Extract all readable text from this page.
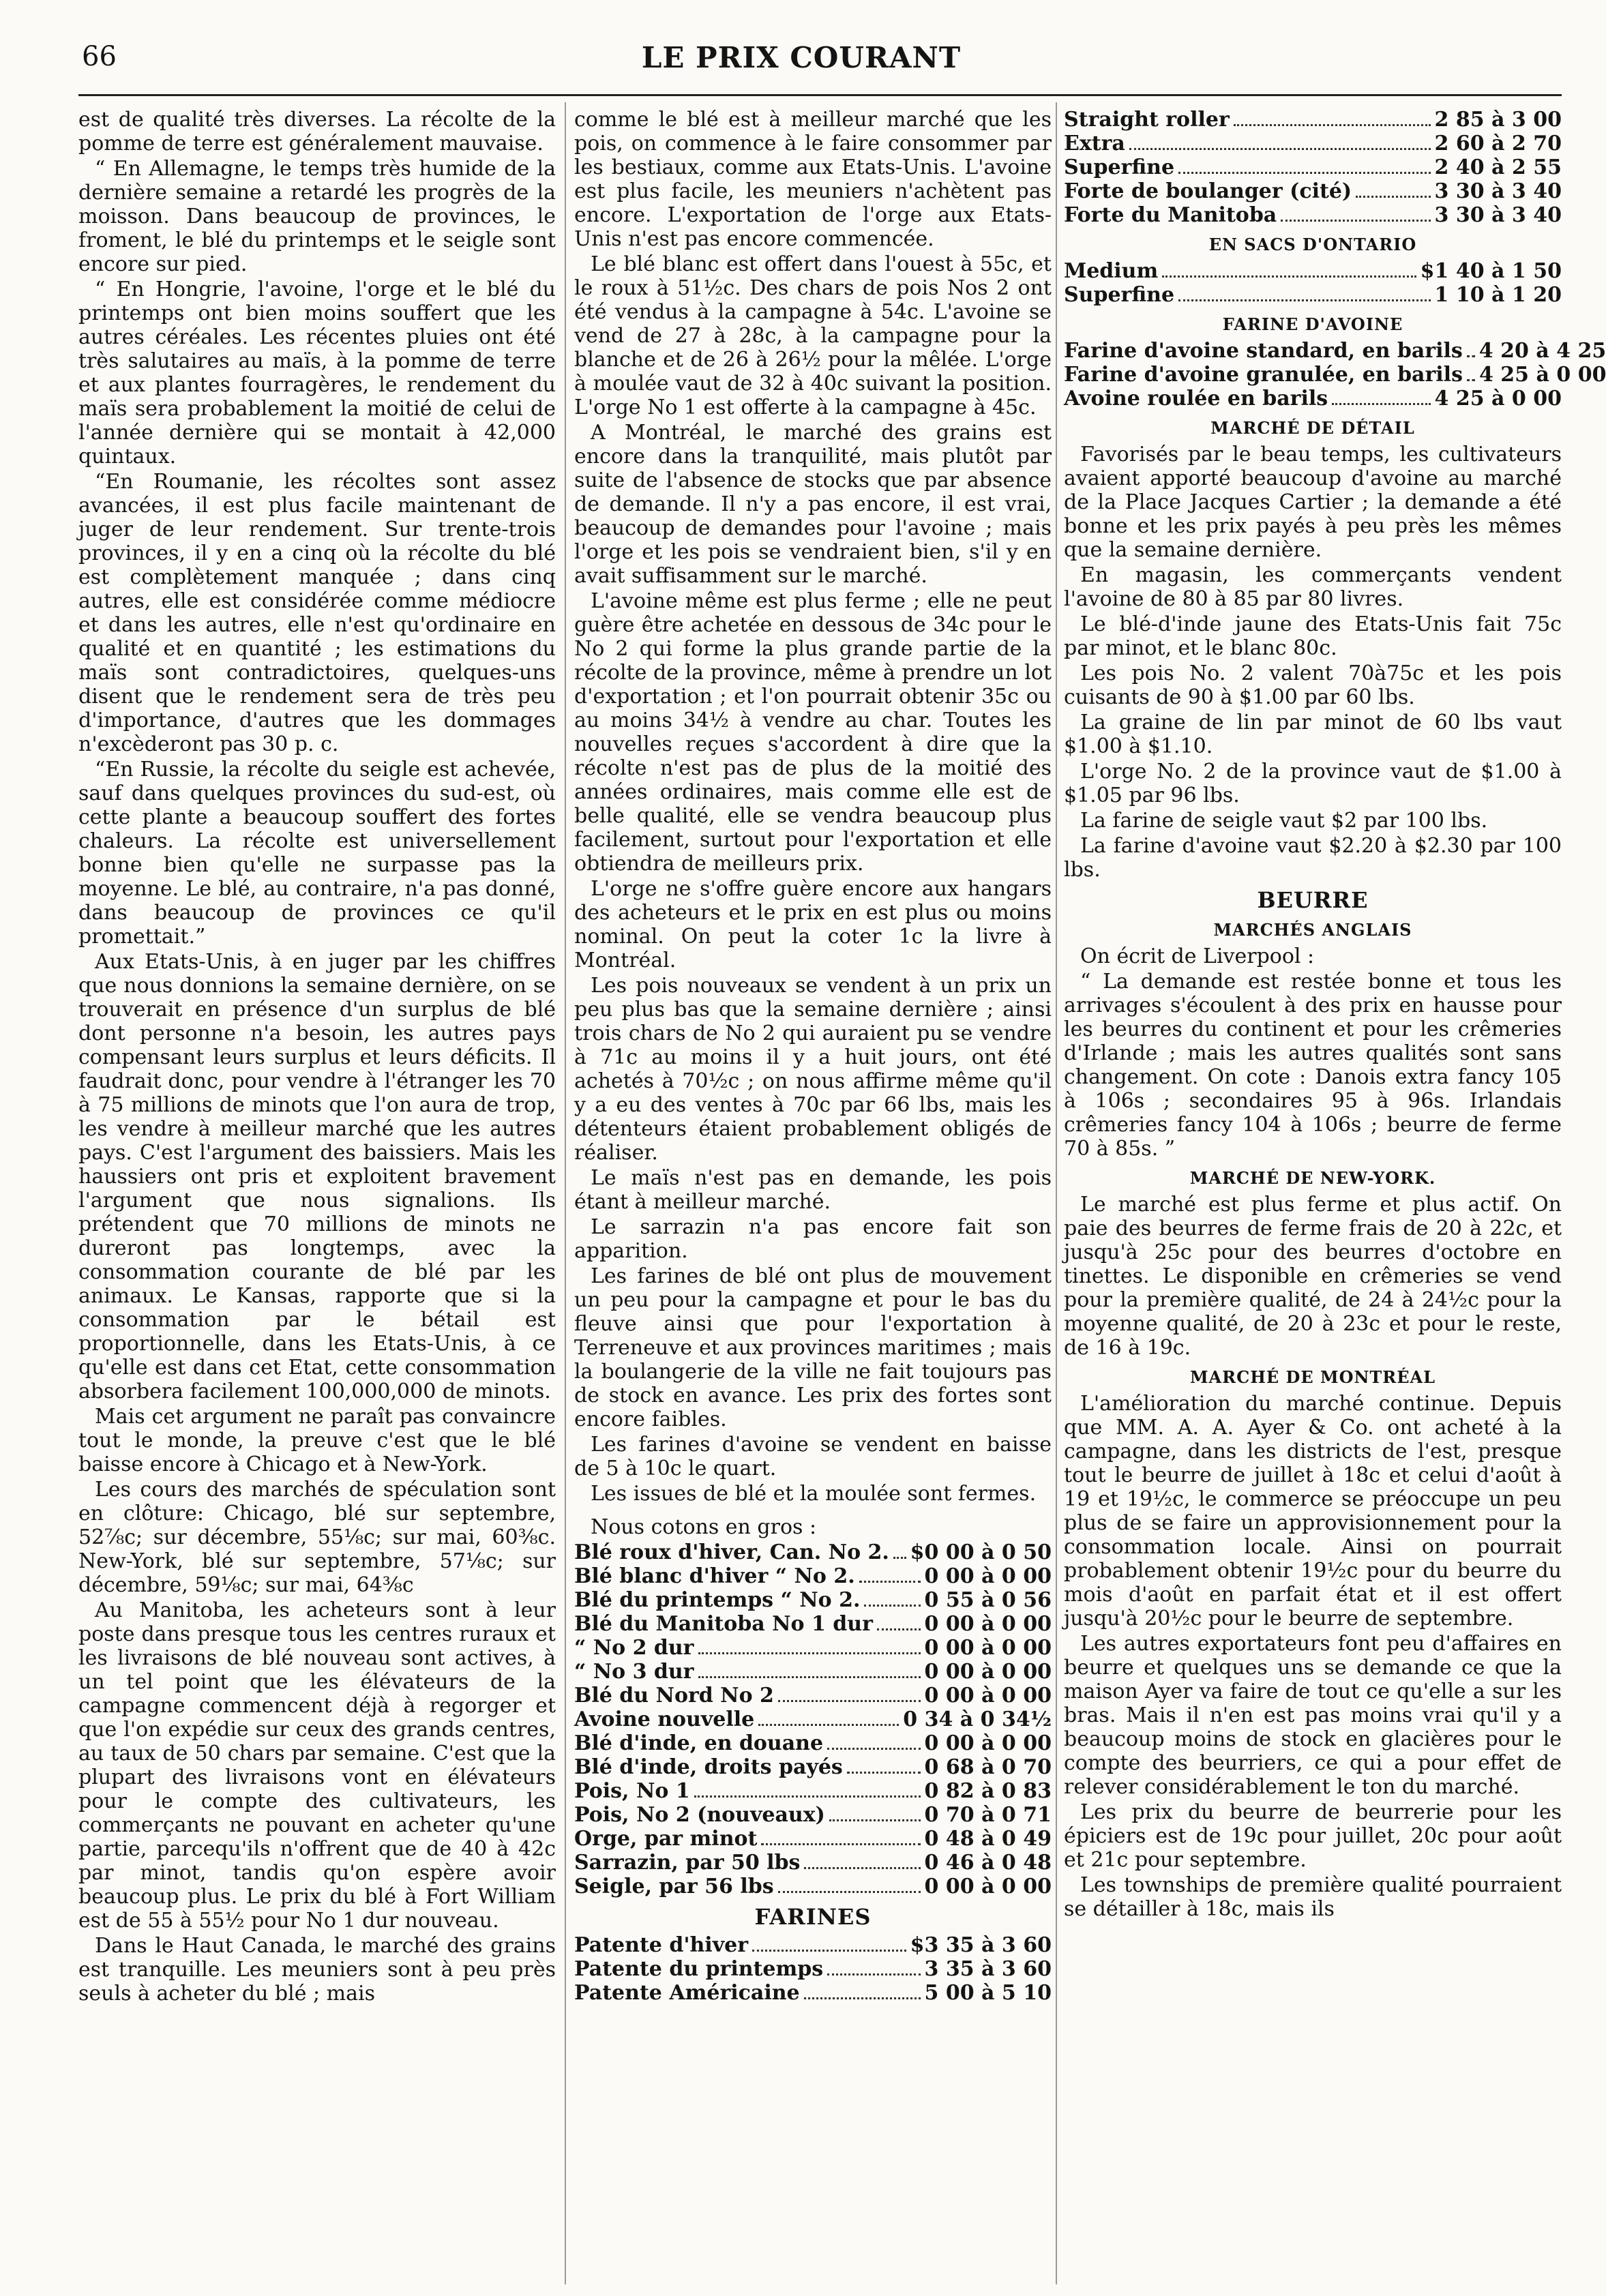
66	LE PRIX COURANT

est de qualité très diverses. La récolte de la pomme de terre est généralement mauvaise.

“ En Allemagne, le temps très humide de la dernière semaine a retardé les progrès de la moisson. Dans beaucoup de provinces, le froment, le blé du printemps et le seigle sont encore sur pied.

“ En Hongrie, l'avoine, l'orge et le blé du printemps ont bien moins souffert que les autres céréales. Les récentes pluies ont été très salutaires au maïs, à la pomme de terre et aux plantes fourragères, le rendement du maïs sera probablement la moitié de celui de l'année dernière qui se montait à 42,000 quintaux.

“En Roumanie, les récoltes sont assez avancées, il est plus facile maintenant de juger de leur rendement. Sur trente-trois provinces, il y en a cinq où la récolte du blé est complètement manquée ; dans cinq autres, elle est considérée comme médiocre et dans les autres, elle n'est qu'ordinaire en qualité et en quantité ; les estimations du maïs sont contradictoires, quelques-uns disent que le rendement sera de très peu d'importance, d'autres que les dommages n'excèderont pas 30 p. c.

“En Russie, la récolte du seigle est achevée, sauf dans quelques provinces du sud-est, où cette plante a beaucoup souffert des fortes chaleurs. La récolte est universellement bonne bien qu'elle ne surpasse pas la moyenne. Le blé, au contraire, n'a pas donné, dans beaucoup de provinces ce qu'il promettait.”

Aux Etats-Unis, à en juger par les chiffres que nous donnions la semaine dernière, on se trouverait en présence d'un surplus de blé dont personne n'a besoin, les autres pays compensant leurs surplus et leurs déficits. Il faudrait donc, pour vendre à l'étranger les 70 à 75 millions de minots que l'on aura de trop, les vendre à meilleur marché que les autres pays. C'est l'argument des baissiers. Mais les haussiers ont pris et exploitent bravement l'argument que nous signalions. Ils prétendent que 70 millions de minots ne dureront pas longtemps, avec la consommation courante de blé par les animaux. Le Kansas, rapporte que si la consommation par le bétail est proportionnelle, dans les Etats-Unis, à ce qu'elle est dans cet Etat, cette consommation absorbera facilement 100,000,000 de minots.

Mais cet argument ne paraît pas convaincre tout le monde, la preuve c'est que le blé baisse encore à Chicago et à New-York.

Les cours des marchés de spéculation sont en clôture: Chicago, blé sur septembre, 52⅞c; sur décembre, 55⅛c; sur mai, 60⅜c. New-York, blé sur septembre, 57⅛c; sur décembre, 59⅛c; sur mai, 64⅜c

Au Manitoba, les acheteurs sont à leur poste dans presque tous les centres ruraux et les livraisons de blé nouveau sont actives, à un tel point que les élévateurs de la campagne commencent déjà à regorger et que l'on expédie sur ceux des grands centres, au taux de 50 chars par semaine. C'est que la plupart des livraisons vont en élévateurs pour le compte des cultivateurs, les commerçants ne pouvant en acheter qu'une partie, parcequ'ils n'offrent que de 40 à 42c par minot, tandis qu'on espère avoir beaucoup plus. Le prix du blé à Fort William est de 55 à 55½ pour No 1 dur nouveau.

Dans le Haut Canada, le marché des grains est tranquille. Les meuniers sont à peu près seuls à acheter du blé ; mais

comme le blé est à meilleur marché que les pois, on commence à le faire consommer par les bestiaux, comme aux Etats-Unis. L'avoine est plus facile, les meuniers n'achètent pas encore. L'exportation de l'orge aux Etats-Unis n'est pas encore commencée.

Le blé blanc est offert dans l'ouest à 55c, et le roux à 51½c. Des chars de pois Nos 2 ont été vendus à la campagne à 54c. L'avoine se vend de 27 à 28c, à la campagne pour la blanche et de 26 à 26½ pour la mêlée. L'orge à moulée vaut de 32 à 40c suivant la position. L'orge No 1 est offerte à la campagne à 45c.

A Montréal, le marché des grains est encore dans la tranquilité, mais plutôt par suite de l'absence de stocks que par absence de demande. Il n'y a pas encore, il est vrai, beaucoup de demandes pour l'avoine ; mais l'orge et les pois se vendraient bien, s'il y en avait suffisamment sur le marché.

L'avoine même est plus ferme ; elle ne peut guère être achetée en dessous de 34c pour le No 2 qui forme la plus grande partie de la récolte de la province, même à prendre un lot d'exportation ; et l'on pourrait obtenir 35c ou au moins 34½ à vendre au char. Toutes les nouvelles reçues s'accordent à dire que la récolte n'est pas de plus de la moitié des années ordinaires, mais comme elle est de belle qualité, elle se vendra beaucoup plus facilement, surtout pour l'exportation et elle obtiendra de meilleurs prix.

L'orge ne s'offre guère encore aux hangars des acheteurs et le prix en est plus ou moins nominal. On peut la coter 1c la livre à Montréal.

Les pois nouveaux se vendent à un prix un peu plus bas que la semaine dernière ; ainsi trois chars de No 2 qui auraient pu se vendre à 71c au moins il y a huit jours, ont été achetés à 70½c ; on nous affirme même qu'il y a eu des ventes à 70c par 66 lbs, mais les détenteurs étaient probablement obligés de réaliser.

Le maïs n'est pas en demande, les pois étant à meilleur marché.

Le sarrazin n'a pas encore fait son apparition.

Les farines de blé ont plus de mouvement un peu pour la campagne et pour le bas du fleuve ainsi que pour l'exportation à Terreneuve et aux provinces maritimes ; mais la boulangerie de la ville ne fait toujours pas de stock en avance. Les prix des fortes sont encore faibles.

Les farines d'avoine se vendent en baisse de 5 à 10c le quart.

Les issues de blé et la moulée sont fermes.

Nous cotons en gros :

Blé roux d'hiver, Can. No 2. $0 00 à 0 50
Blé blanc d'hiver “ No 2.	0 00 à 0 00
Blé du printemps “ No 2.	0 55 à 0 56
Blé du Manitoba No 1 dur	0 00 à 0 00
“ No 2 dur	0 00 à 0 00
“ No 3 dur	0 00 à 0 00
Blé du Nord No 2	0 00 à 0 00
Avoine nouvelle	0 34 à 0 34½
Blé d'inde, en douane	0 00 à 0 00
Blé d'inde, droits payés	0 68 à 0 70
Pois, No 1	0 82 à 0 83
Pois, No 2 (nouveaux)	0 70 à 0 71
Orge, par minot	0 48 à 0 49
Sarrazin, par 50 lbs	0 46 à 0 48
Seigle, par 56 lbs	0 00 à 0 00
FARINES
Patente d'hiver	$3 35 à 3 60
Patente du printemps	3 35 à 3 60
Patente Américaine	5 00 à 5 10
Straight roller	2 85 à 3 00
Extra	2 60 à 2 70
Superfine	2 40 à 2 55
Forte de boulanger (cité)	3 30 à 3 40
Forte du Manitoba	3 30 à 3 40
EN SACS D'ONTARIO
Medium	$1 40 à 1 50
Superfine	1 10 à 1 20
FARINE D'AVOINE
Farine d'avoine standard, en barils 4 20 à 4 25
Farine d'avoine granulée, en barils 4 25 à 0 00
Avoine roulée en barils	4 25 à 0 00
MARCHÉ DE DÉTAIL

Favorisés par le beau temps, les cultivateurs avaient apporté beaucoup d'avoine au marché de la Place Jacques Cartier ; la demande a été bonne et les prix payés à peu près les mêmes que la semaine dernière.

En magasin, les commerçants vendent l'avoine de 80 à 85 par 80 livres.

Le blé-d'inde jaune des Etats-Unis fait 75c par minot, et le blanc 80c.

Les pois No. 2 valent 70à75c et les pois cuisants de 90 à $1.00 par 60 lbs.

La graine de lin par minot de 60 lbs vaut $1.00 à $1.10.

L'orge No. 2 de la province vaut de $1.00 à $1.05 par 96 lbs.

La farine de seigle vaut $2 par 100 lbs.

La farine d'avoine vaut $2.20 à $2.30 par 100 lbs.

BEURRE
MARCHÉS ANGLAIS

On écrit de Liverpool :

“ La demande est restée bonne et tous les arrivages s'écoulent à des prix en hausse pour les beurres du continent et pour les crêmeries d'Irlande ; mais les autres qualités sont sans changement. On cote : Danois extra fancy 105 à 106s ; secondaires 95 à 96s. Irlandais crêmeries fancy 104 à 106s ; beurre de ferme 70 à 85s. ”

MARCHÉ DE NEW-YORK.

Le marché est plus ferme et plus actif. On paie des beurres de ferme frais de 20 à 22c, et jusqu'à 25c pour des beurres d'octobre en tinettes. Le disponible en crêmeries se vend pour la première qualité, de 24 à 24½c pour la moyenne qualité, de 20 à 23c et pour le reste, de 16 à 19c.

MARCHÉ DE MONTRÉAL

L'amélioration du marché continue. Depuis que MM. A. A. Ayer & Co. ont acheté à la campagne, dans les districts de l'est, presque tout le beurre de juillet à 18c et celui d'août à 19 et 19½c, le commerce se préoccupe un peu plus de se faire un approvisionnement pour la consommation locale. Ainsi on pourrait probablement obtenir 19½c pour du beurre du mois d'août en parfait état et il est offert jusqu'à 20½c pour le beurre de septembre.

Les autres exportateurs font peu d'affaires en beurre et quelques uns se demande ce que la maison Ayer va faire de tout ce qu'elle a sur les bras. Mais il n'en est pas moins vrai qu'il y a beaucoup moins de stock en glacières pour le compte des beurriers, ce qui a pour effet de relever considérablement le ton du marché.

Les prix du beurre de beurrerie pour les épiciers est de 19c pour juillet, 20c pour août et 21c pour septembre.

Les townships de première qualité pourraient se détailler à 18c, mais ils
